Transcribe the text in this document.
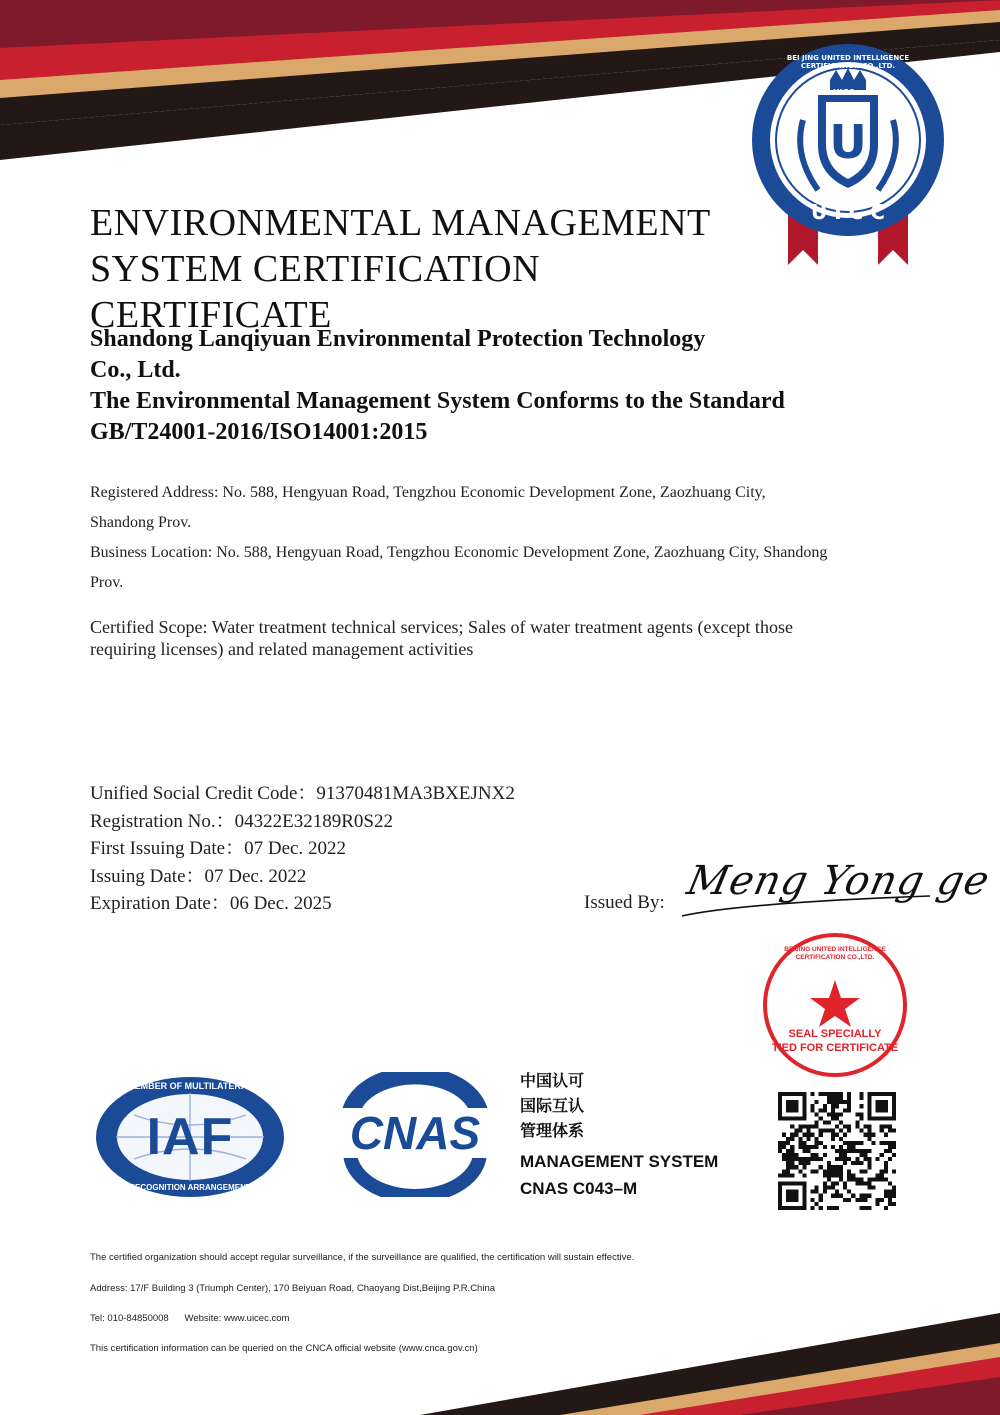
U
UICC
U I C C
BEI JING UNITED INTELLIGENCE CERTIFICATION CO.,LTD.
ENVIRONMENTAL MANAGEMENT
SYSTEM CERTIFICATION CERTIFICATE
Shandong Lanqiyuan Environmental Protection Technology
Co., Ltd.
The Environmental Management System Conforms to the Standard
GB/T24001-2016/ISO14001:2015
Registered Address: No. 588, Hengyuan Road, Tengzhou Economic Development Zone, Zaozhuang City,
Shandong Prov.
Business Location: No. 588, Hengyuan Road, Tengzhou Economic Development Zone, Zaozhuang City, Shandong
Prov.
Certified Scope: Water treatment technical services; Sales of water treatment agents (except those
requiring licenses) and related management activities
Unified Social Credit Code：91370481MA3BXEJNX2
Registration No.：04322E32189R0S22
First Issuing Date：07 Dec. 2022
Issuing Date：07 Dec. 2022
Expiration Date：06 Dec. 2025	Issued By: Meng Yong ge
BEIJING UNITED INTELLIGENCE CERTIFICATION CO.,LTD.
SEAL SPECIALLY
TIED FOR CERTIFICATE
IAF
MEMBER OF MULTILATERAL
RECOGNITION ARRANGEMENT
CNAS
中国认可
国际互认
管理体系
MANAGEMENT SYSTEM
CNAS C043–M
The certified organization should accept regular surveillance, if the surveillance are qualified, the certification will sustain effective.
Address: 17/F Building 3 (Triumph Center), 170 Beiyuan Road, Chaoyang Dist,Beijing P.R.China
Tel: 010-84850008      Website: www.uicec.com
This certification information can be queried on the CNCA official website (www.cnca.gov.cn)
